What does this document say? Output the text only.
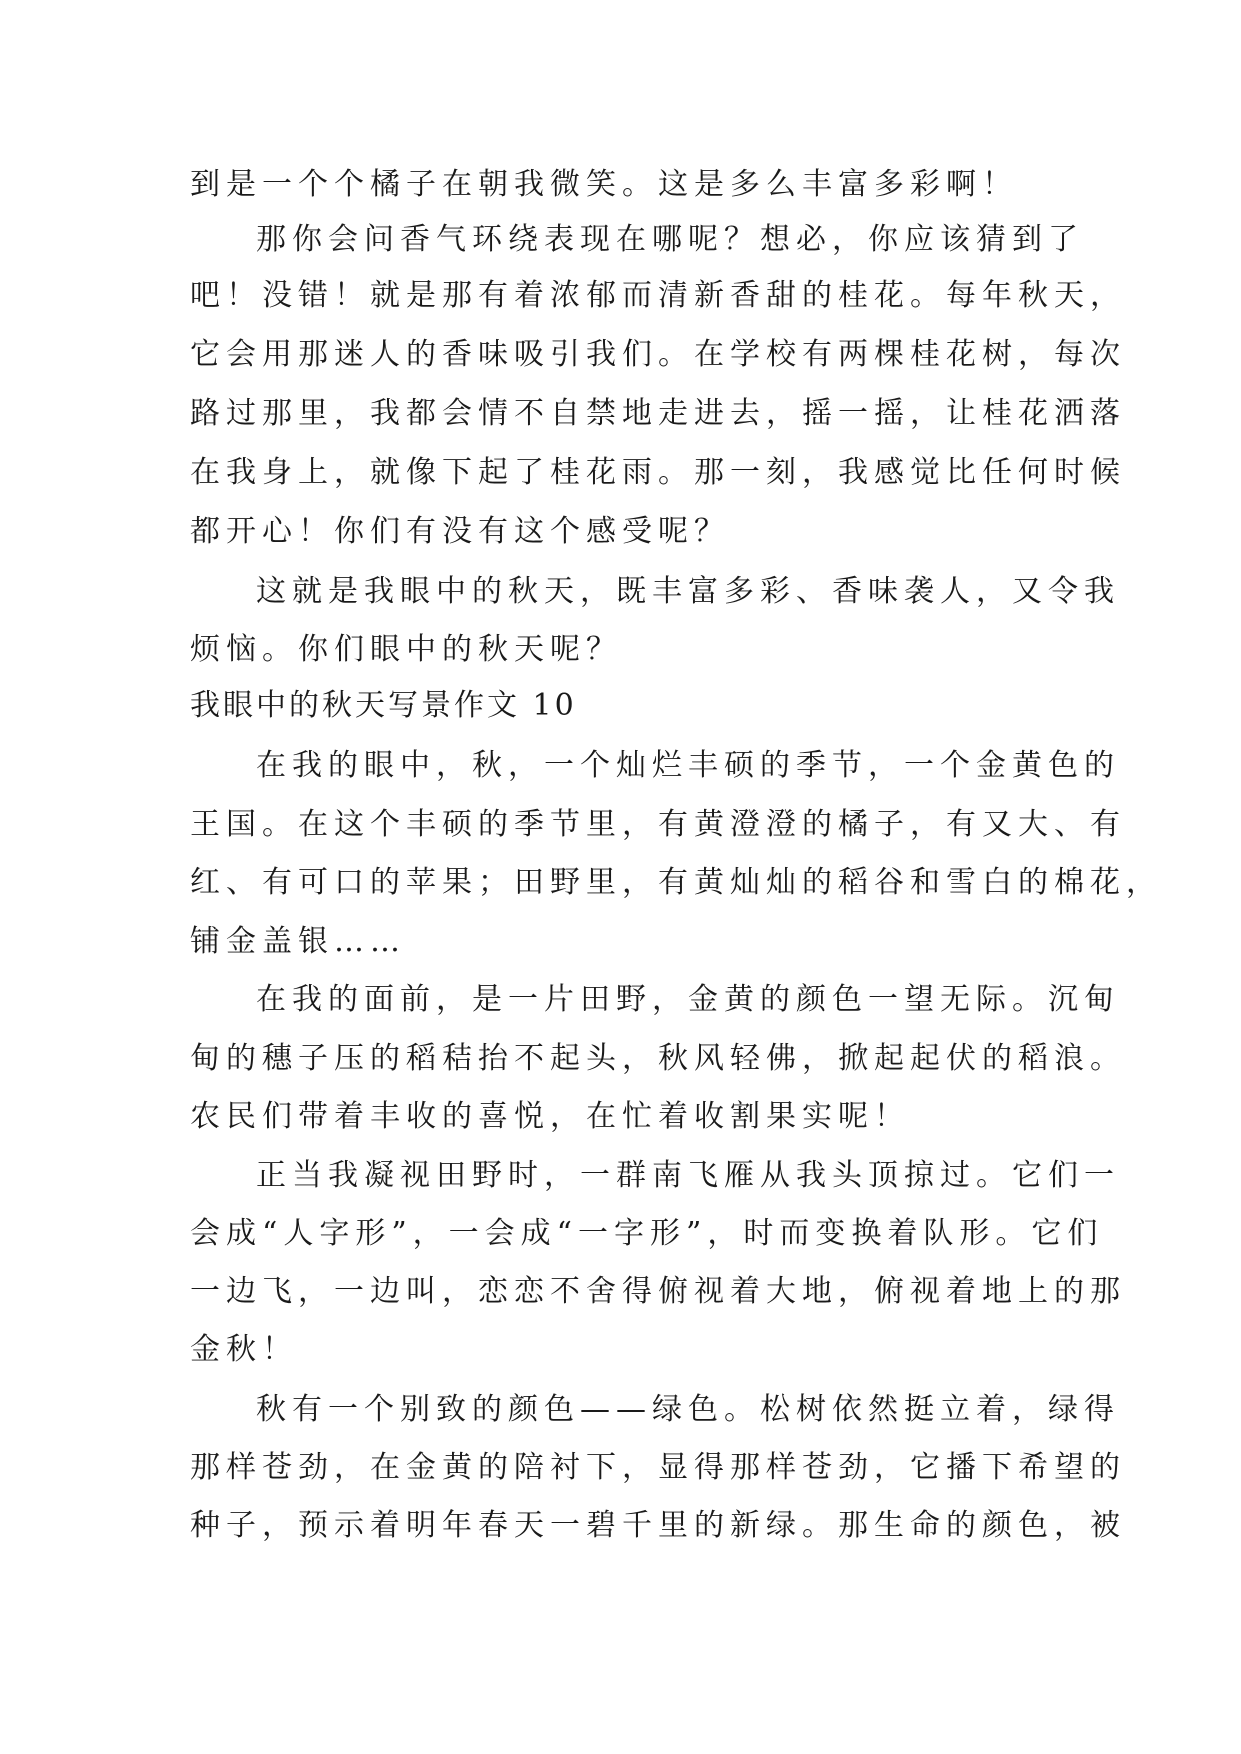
到是一个个橘子在朝我微笑。这是多么丰富多彩啊！

那你会问香气环绕表现在哪呢？想必，你应该猜到了

吧！没错！就是那有着浓郁而清新香甜的桂花。每年秋天，

它会用那迷人的香味吸引我们。在学校有两棵桂花树，每次

路过那里，我都会情不自禁地走进去，摇一摇，让桂花洒落

在我身上，就像下起了桂花雨。那一刻，我感觉比任何时候

都开心！你们有没有这个感受呢？

这就是我眼中的秋天，既丰富多彩、香味袭人，又令我

烦恼。你们眼中的秋天呢？

我眼中的秋天写景作文 10

在我的眼中，秋，一个灿烂丰硕的季节，一个金黄色的

王国。在这个丰硕的季节里，有黄澄澄的橘子，有又大、有

红、有可口的苹果；田野里，有黄灿灿的稻谷和雪白的棉花，

铺金盖银……

在我的面前，是一片田野，金黄的颜色一望无际。沉甸

甸的穗子压的稻秸抬不起头，秋风轻佛，掀起起伏的稻浪。

农民们带着丰收的喜悦，在忙着收割果实呢！

正当我凝视田野时，一群南飞雁从我头顶掠过。它们一

会成“人字形”，一会成“一字形”，时而变换着队形。它们

一边飞，一边叫，恋恋不舍得俯视着大地，俯视着地上的那

金秋！

秋有一个别致的颜色——绿色。松树依然挺立着，绿得

那样苍劲，在金黄的陪衬下，显得那样苍劲，它播下希望的

种子，预示着明年春天一碧千里的新绿。那生命的颜色，被
